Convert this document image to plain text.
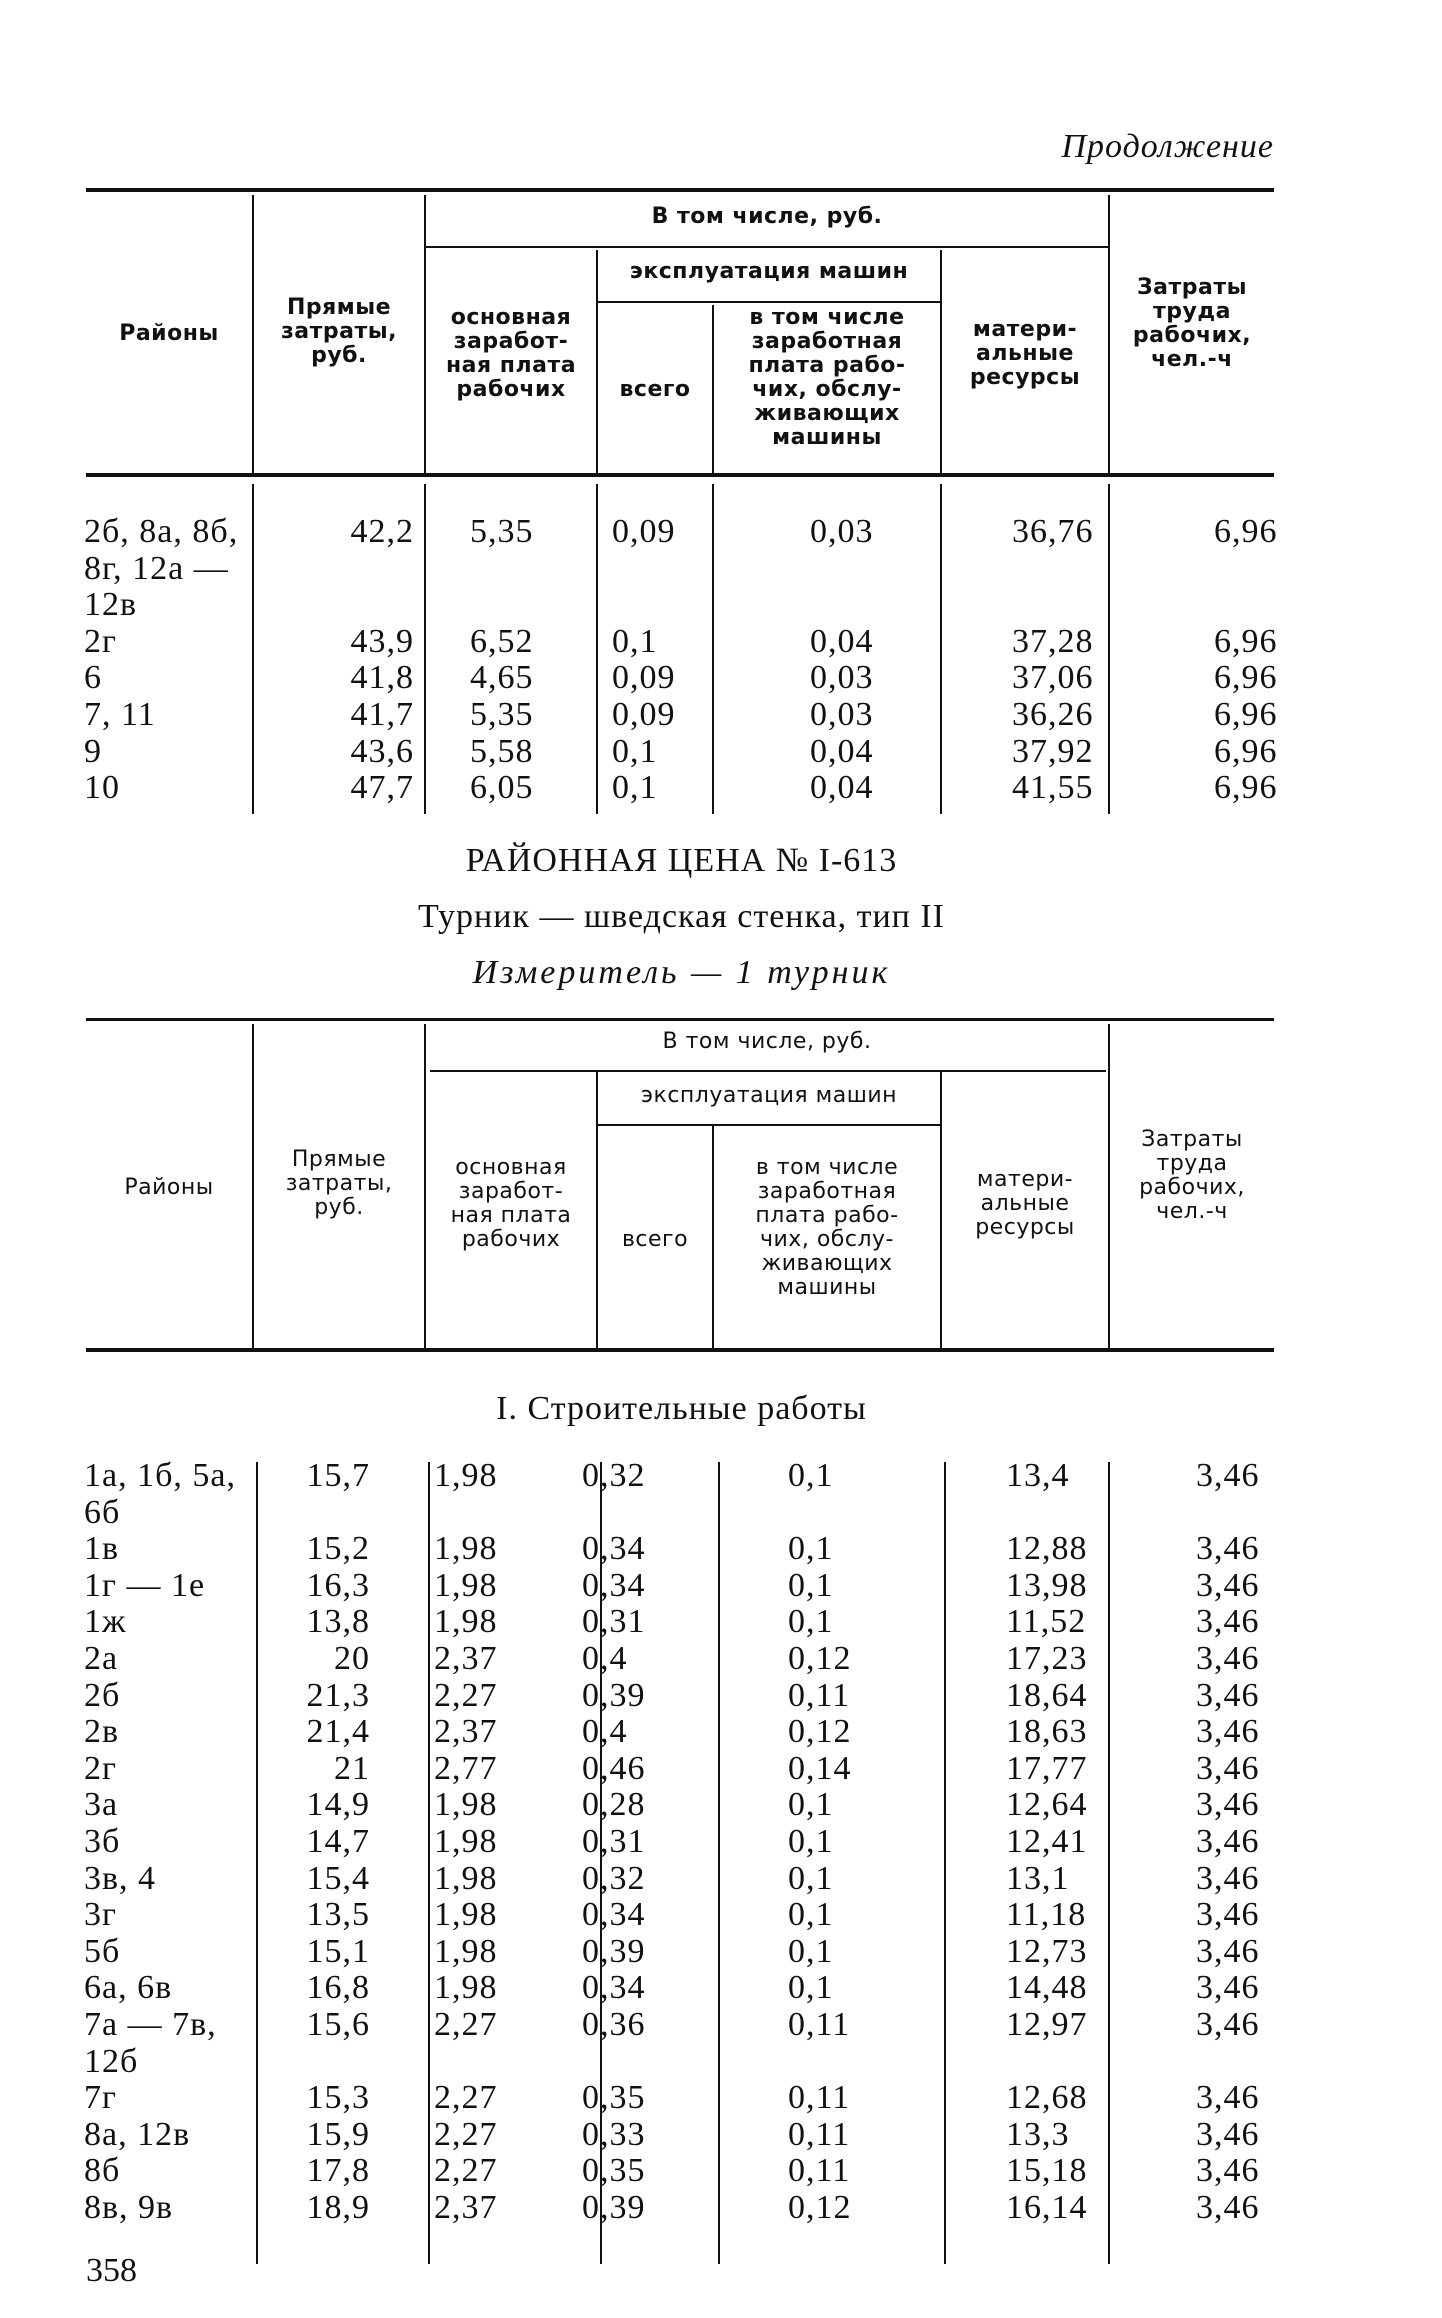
Продолжение
Районы
Прямые
затраты,
руб.
В том числе, руб.
основная
заработ-
ная плата
рабочих
эксплуатация машин
всего
в том числе
заработная
плата рабо-
чих, обслу-
живающих
машины
матери-
альные
ресурсы
Затраты
труда
рабочих,
чел.-ч
2б, 8а, 8б,
8г, 12а —
12в	42,2	5,35	0,09	0,03	36,76	6,96
2г	43,9	6,52	0,1	0,04	37,28	6,96
6	41,8	4,65	0,09	0,03	37,06	6,96
7, 11	41,7	5,35	0,09	0,03	36,26	6,96
9	43,6	5,58	0,1	0,04	37,92	6,96
10	47,7	6,05	0,1	0,04	41,55	6,96
РАЙОННАЯ ЦЕНА № І-613
Турник — шведская стенка, тип II
Измеритель — 1 турник
Районы
Прямые
затраты,
руб.
В том числе, руб.
основная
заработ-
ная плата
рабочих
эксплуатация машин
всего
в том числе
заработная
плата рабо-
чих, обслу-
живающих
машины
матери-
альные
ресурсы
Затраты
труда
рабочих,
чел.-ч
I. Строительные работы
1а, 1б, 5а,
6б	15,7	1,98	0,32	0,1	13,4	3,46
1в	15,2	1,98	0,34	0,1	12,88	3,46
1г — 1е	16,3	1,98	0,34	0,1	13,98	3,46
1ж	13,8	1,98	0,31	0,1	11,52	3,46
2а	20	2,37	0,4	0,12	17,23	3,46
2б	21,3	2,27	0,39	0,11	18,64	3,46
2в	21,4	2,37	0,4	0,12	18,63	3,46
2г	21	2,77	0,46	0,14	17,77	3,46
3а	14,9	1,98	0,28	0,1	12,64	3,46
3б	14,7	1,98	0,31	0,1	12,41	3,46
3в, 4	15,4	1,98	0,32	0,1	13,1	3,46
3г	13,5	1,98	0,34	0,1	11,18	3,46
5б	15,1	1,98	0,39	0,1	12,73	3,46
6а, 6в	16,8	1,98	0,34	0,1	14,48	3,46
7а — 7в,
12б	15,6	2,27	0,36	0,11	12,97	3,46
7г	15,3	2,27	0,35	0,11	12,68	3,46
8а, 12в	15,9	2,27	0,33	0,11	13,3	3,46
8б	17,8	2,27	0,35	0,11	15,18	3,46
8в, 9в	18,9	2,37	0,39	0,12	16,14	3,46
358
